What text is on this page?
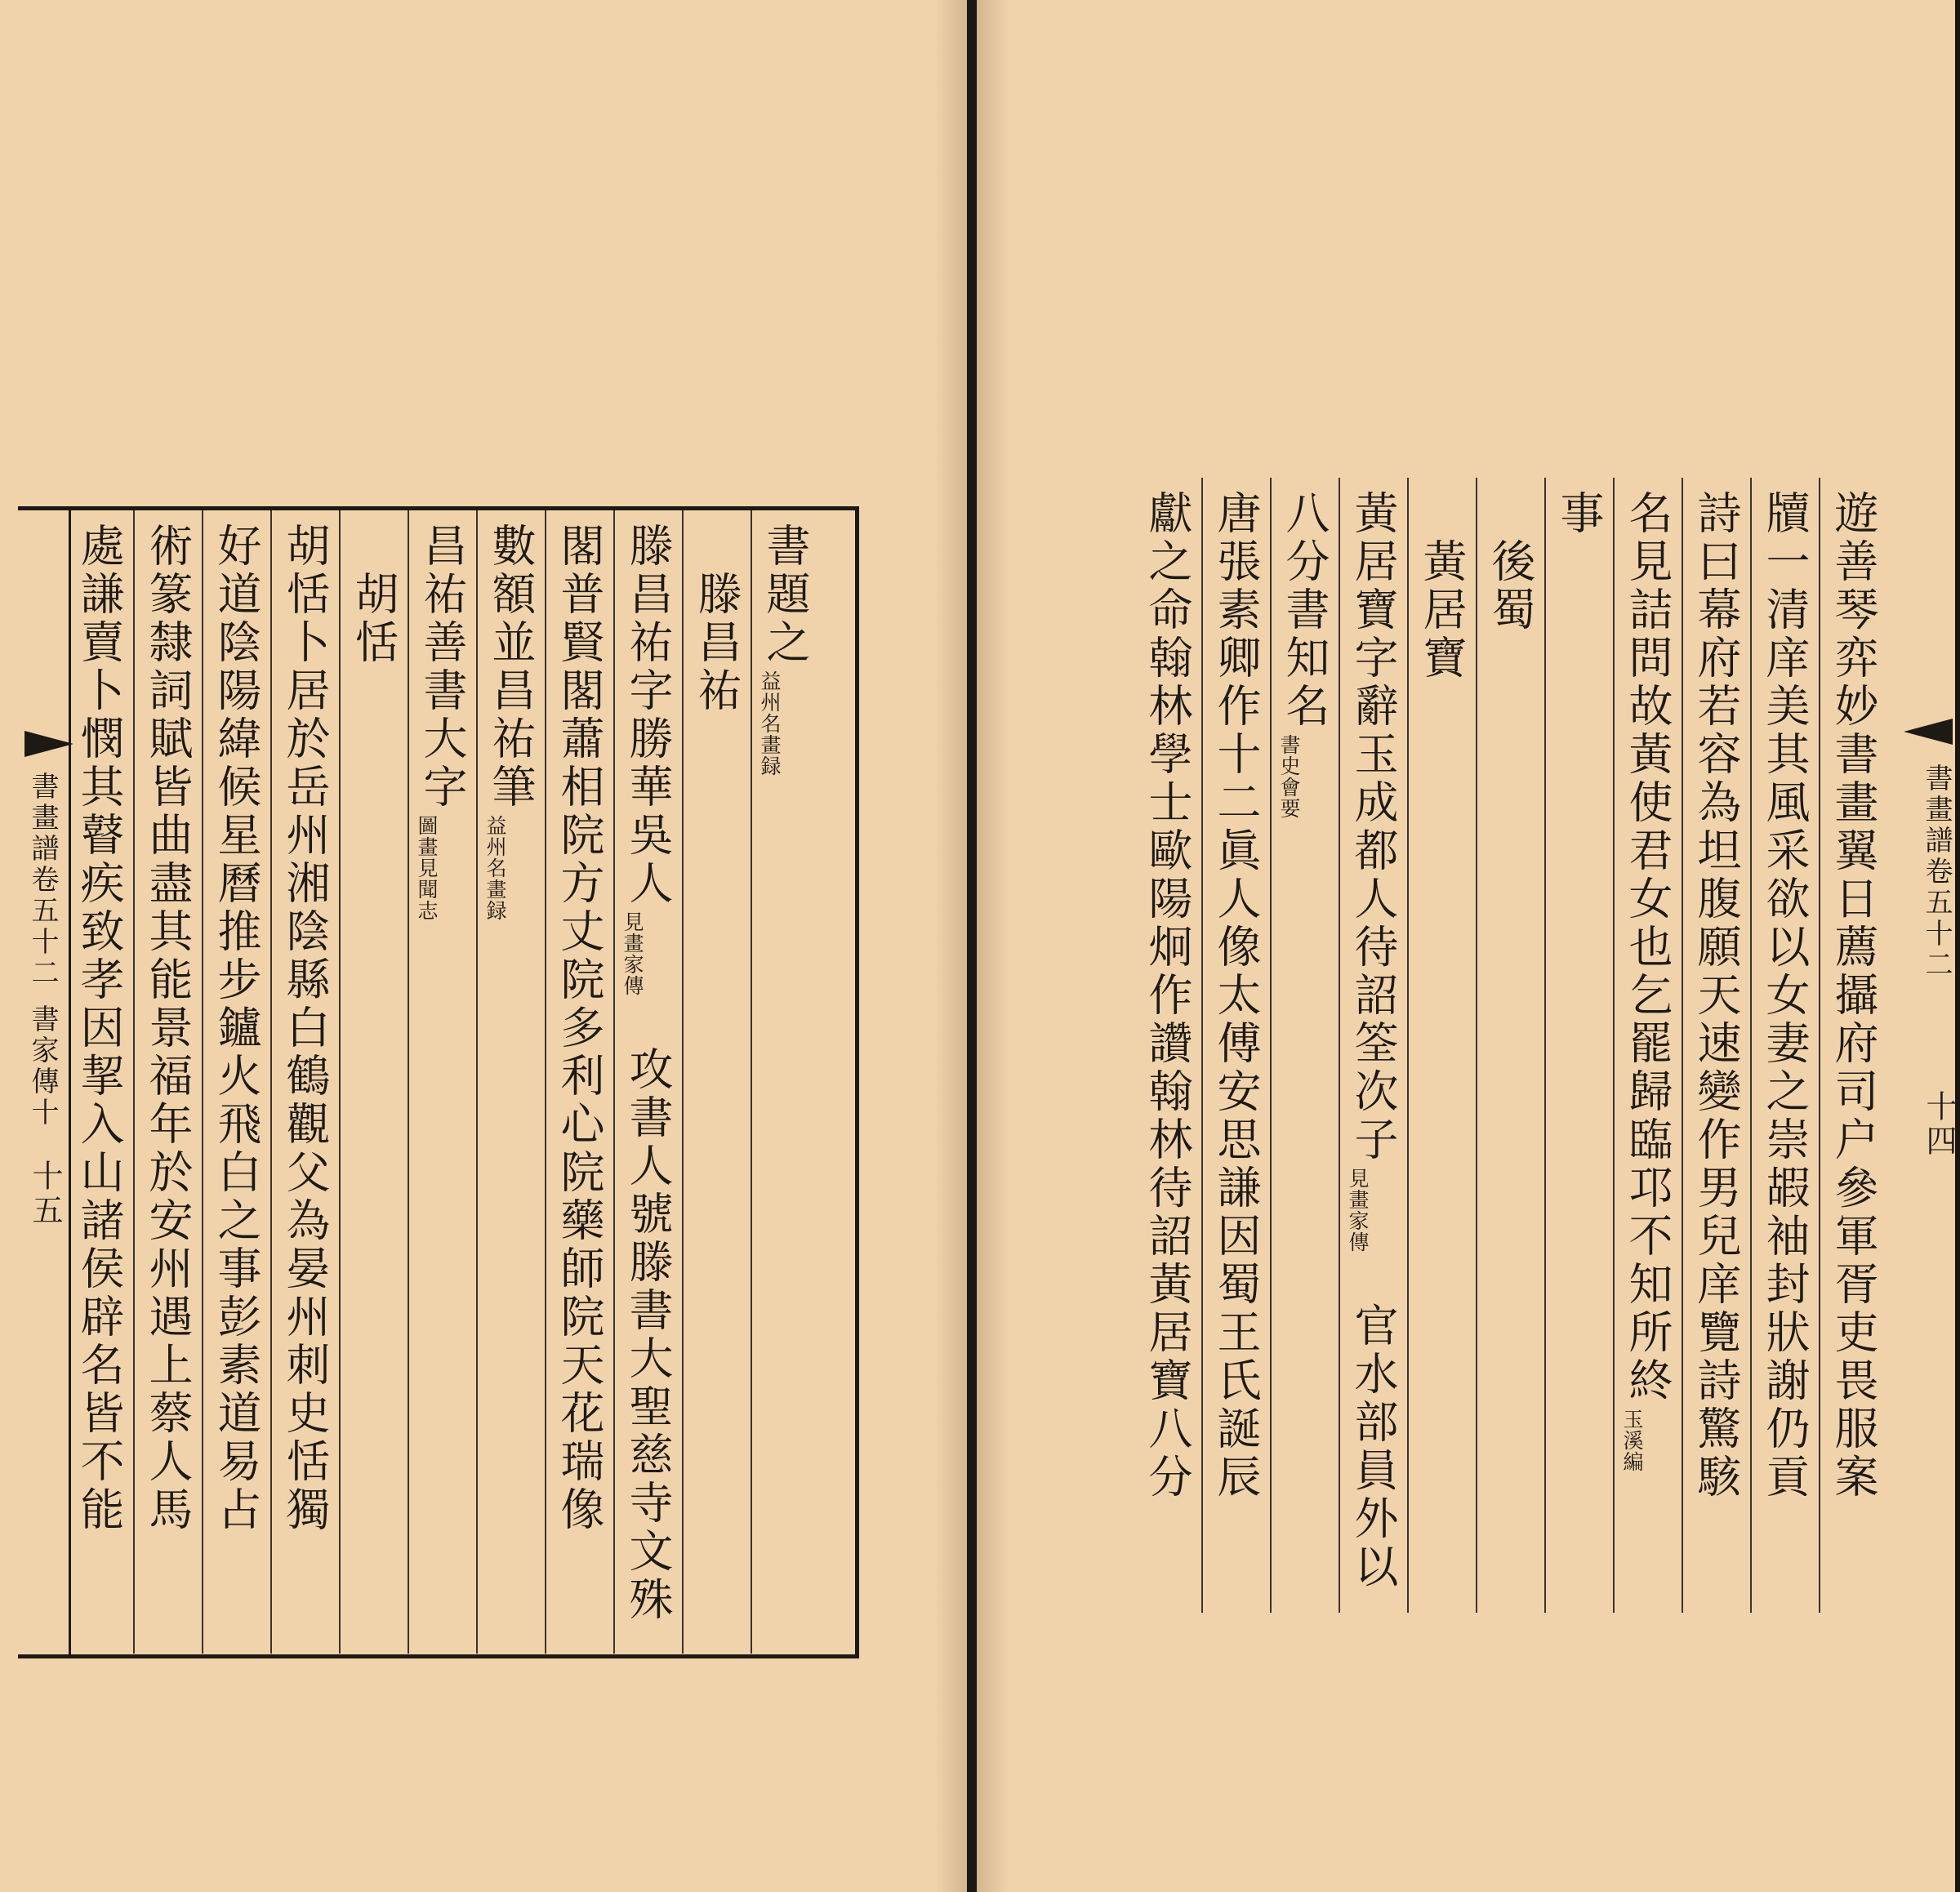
書畫譜卷五十二
書家傳十
十五
書題之
益州名畫録
　滕昌祐
滕昌祐字勝華吳人
見畫家傳
攻書人號滕書大聖慈寺文殊
閣普賢閣蕭相院方丈院多利心院藥師院天花瑞像
數額並昌祐筆
益州名畫録
昌祐善書大字
圖畫見聞志
　胡恬
胡恬卜居於岳州湘陰縣白鶴觀父為晏州刺史恬獨
好道陰陽緯候星曆推步鑪火飛白之事彭素道易占
術篆隸詞賦皆曲盡其能景福年於安州遇上蔡人馬
處謙賣卜憫其瞽疾致孝因挈入山諸侯辟名皆不能	書畫譜卷五十二
十四
遊善琴弈妙書畫翼日薦攝府司户參軍胥吏畏服案
牘一清庠美其風采欲以女妻之崇嘏袖封狀謝仍貢
詩曰幕府若容為坦腹願天速變作男兒庠覽詩驚駭
名見詰問故黃使君女也乞罷歸臨邛不知所終
玉溪編
事
　後蜀
　黃居寶
黃居寶字辭玉成都人待詔筌次子
見畫家傳
官水部員外以
八分書知名
書史會要
唐張素卿作十二眞人像太傅安思謙因蜀王氏誕辰
獻之命翰林學士歐陽炯作讚翰林待詔黃居寶八分
